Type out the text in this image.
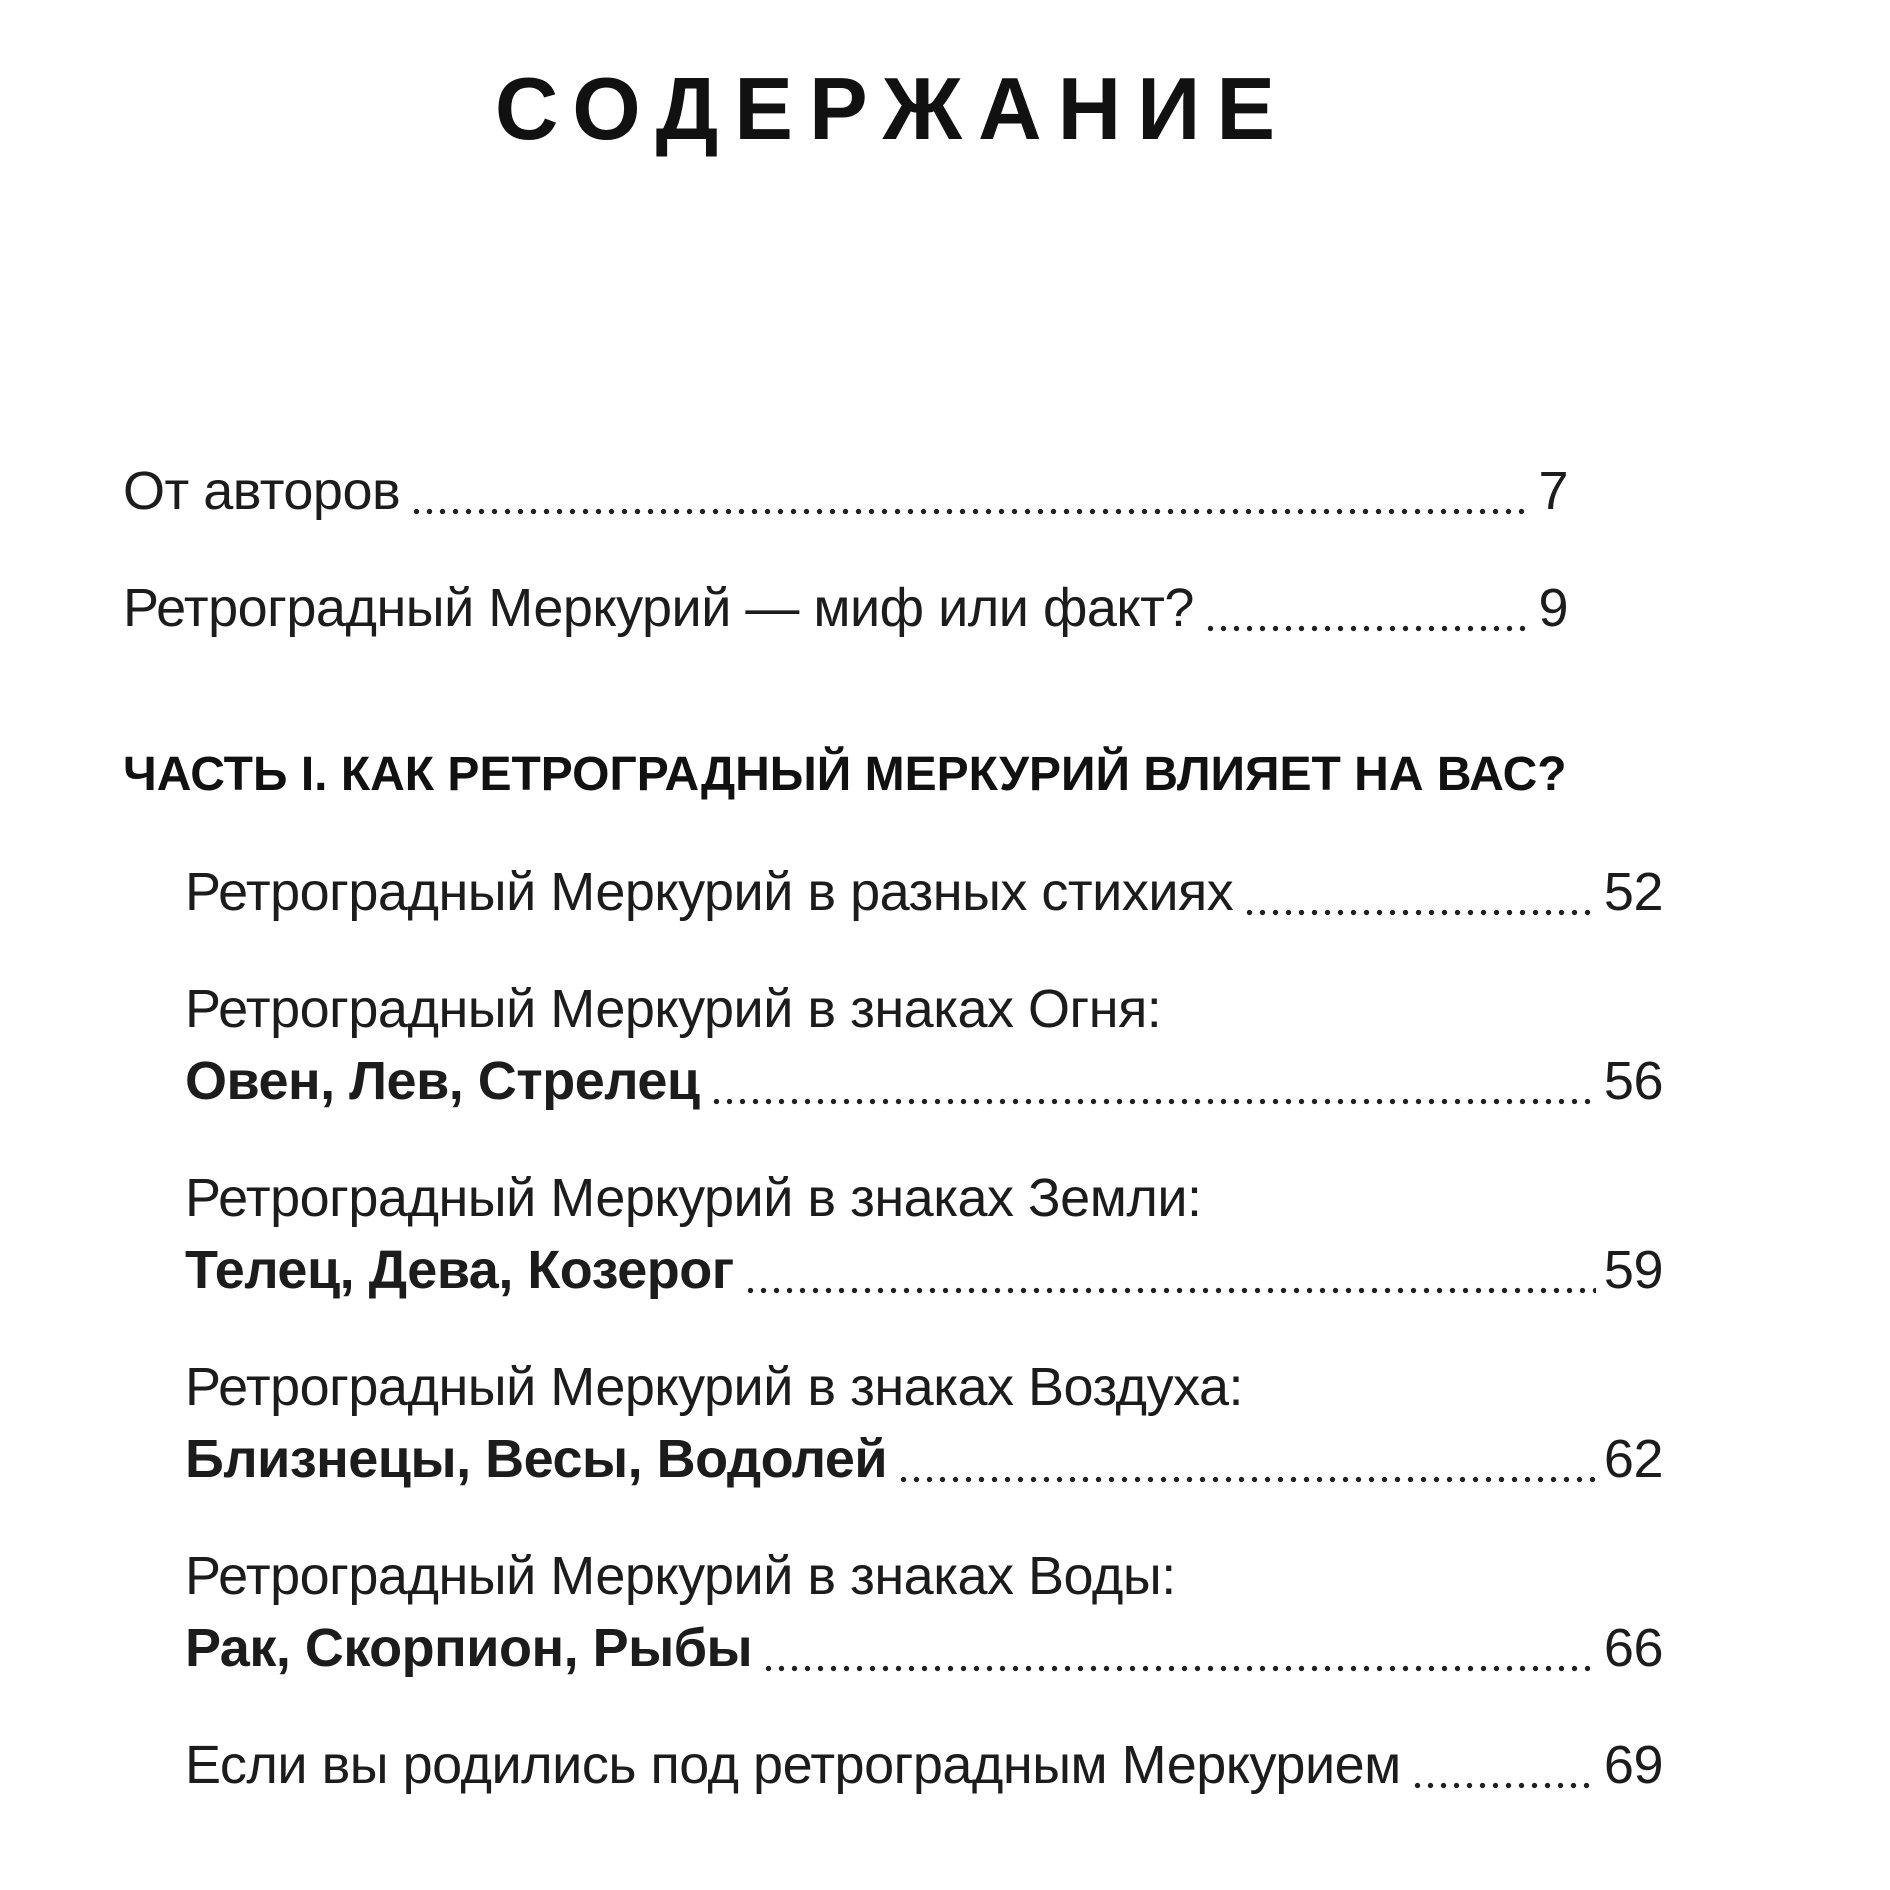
СОДЕРЖАНИЕ
От авторов	7
Ретроградный Меркурий — миф или факт?	9
ЧАСТЬ I. КАК РЕТРОГРАДНЫЙ МЕРКУРИЙ ВЛИЯЕТ НА ВАС?
Ретроградный Меркурий в разных стихиях	52
Ретроградный Меркурий в знаках Огня:
Овен, Лев, Стрелец	56
Ретроградный Меркурий в знаках Земли:
Телец, Дева, Козерог	59
Ретроградный Меркурий в знаках Воздуха:
Близнецы, Весы, Водолей	62
Ретроградный Меркурий в знаках Воды:
Рак, Скорпион, Рыбы	66
Если вы родились под ретроградным Меркурием	69
